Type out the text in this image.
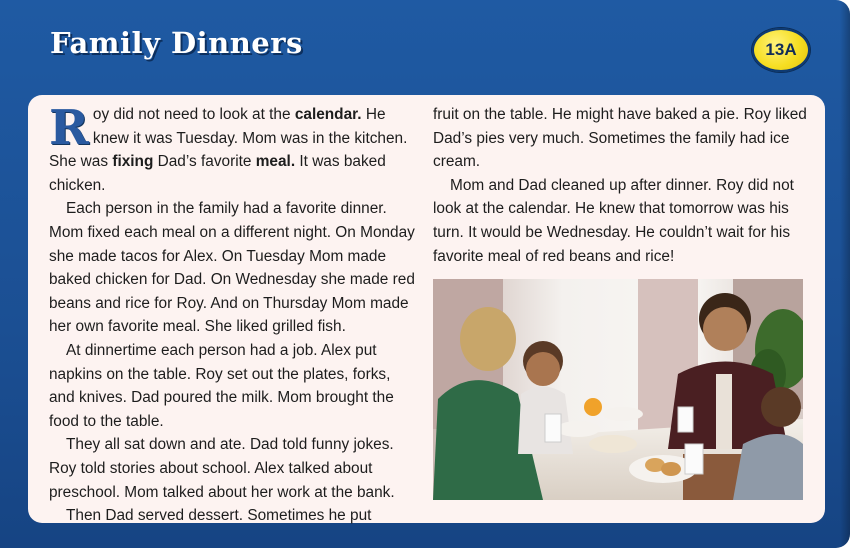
Family Dinners	13A

Roy did not need to look at the calendar. He knew it was Tuesday. Mom was in the kitchen. She was fixing Dad’s favorite meal. It was baked chicken.

Each person in the family had a favorite dinner. Mom fixed each meal on a different night. On Monday she made tacos for Alex. On Tuesday Mom made baked chicken for Dad. On Wednesday she made red beans and rice for Roy. And on Thursday Mom made her own favorite meal. She liked grilled fish.

At dinnertime each person had a job. Alex put napkins on the table. Roy set out the plates, forks, and knives. Dad poured the milk. Mom brought the food to the table.

They all sat down and ate. Dad told funny jokes. Roy told stories about school. Alex talked about preschool. Mom talked about her work at the bank.

Then Dad served dessert. Sometimes he put

fruit on the table. He might have baked a pie. Roy liked Dad’s pies very much. Sometimes the family had ice cream.

Mom and Dad cleaned up after dinner. Roy did not look at the calendar. He knew that tomorrow was his turn. It would be Wednesday. He couldn’t wait for his favorite meal of red beans and rice!
